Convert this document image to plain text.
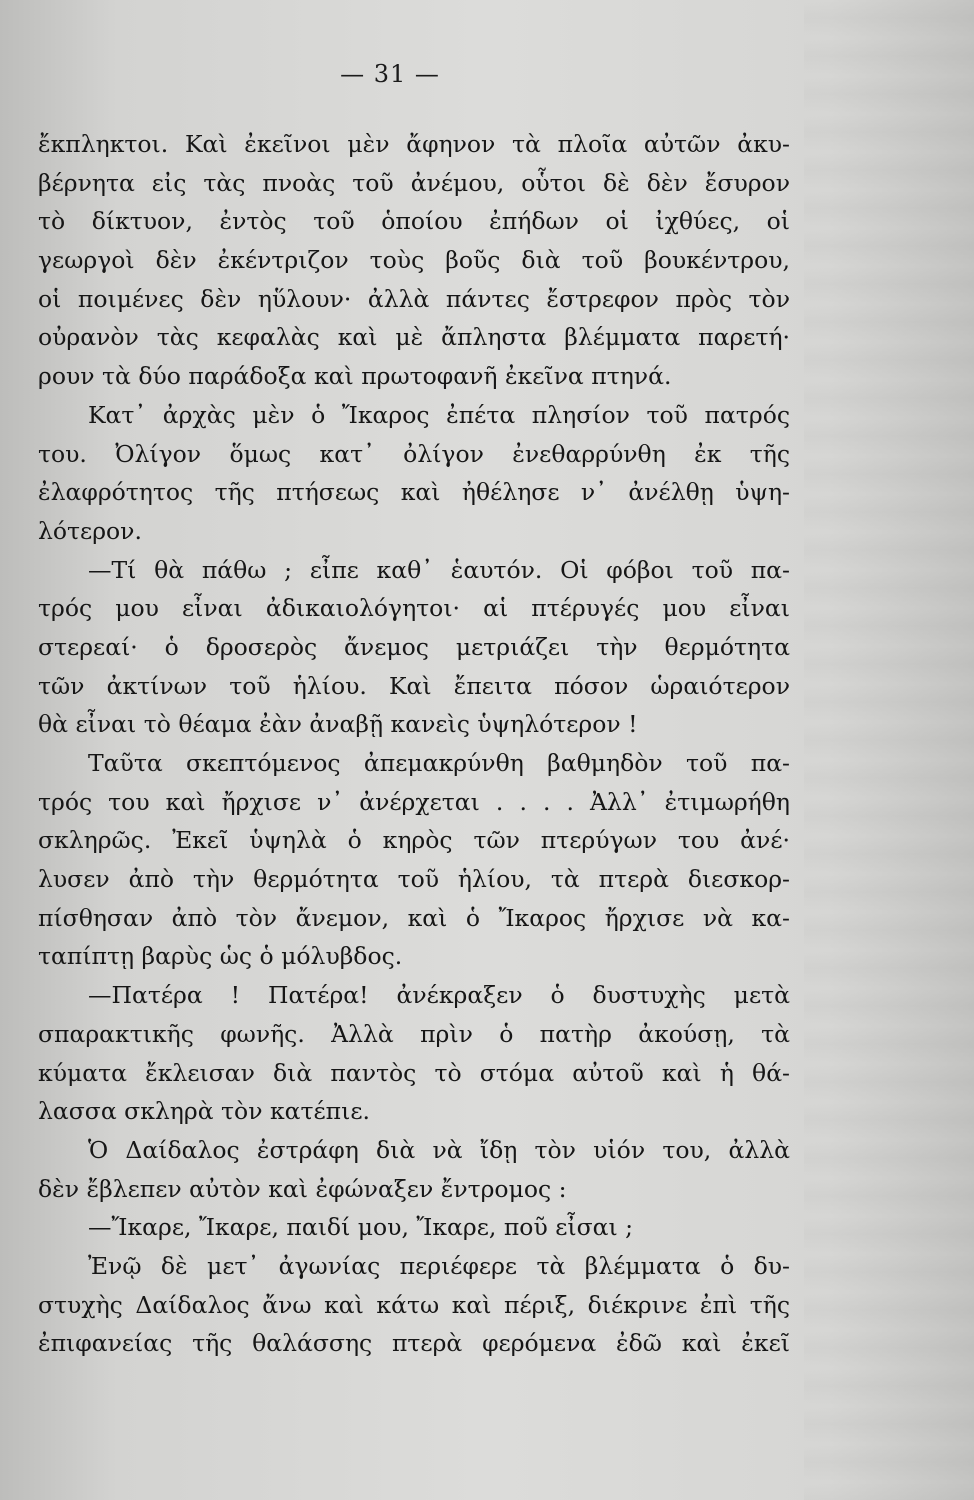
— 31 —
ἔκπληκτοι. Καὶ ἐκεῖνοι μὲν ἄφηνον τὰ πλοῖα αὐτῶν ἀκυ-
βέρνητα εἰς τὰς πνοὰς τοῦ ἀνέμου, οὗτοι δὲ δὲν ἔσυρον
τὸ δίκτυον, ἐντὸς τοῦ ὁποίου ἐπήδων οἱ ἰχθύες, οἱ
γεωργοὶ δὲν ἐκέντριζον τοὺς βοῦς διὰ τοῦ βουκέντρου,
οἱ ποιμένες δὲν ηὕλουν· ἀλλὰ πάντες ἔστρεφον πρὸς τὸν
οὐρανὸν τὰς κεφαλὰς καὶ μὲ ἄπληστα βλέμματα παρετή·
ρουν τὰ δύο παράδοξα καὶ πρωτοφανῆ ἐκεῖνα πτηνά.
Κατ᾿ ἀρχὰς μὲν ὁ Ἴκαρος ἐπέτα πλησίον τοῦ πατρός
του. Ὀλίγον ὅμως κατ᾿ ὀλίγον ἐνεθαρρύνθη ἐκ τῆς
ἐλαφρότητος τῆς πτήσεως καὶ ἠθέλησε ν᾿ ἀνέλθῃ ὑψη-
λότερον.
—Τί θὰ πάθω ; εἶπε καθ᾿ ἑαυτόν. Οἱ φόβοι τοῦ πα-
τρός μου εἶναι ἀδικαιολόγητοι· αἱ πτέρυγές μου εἶναι
στερεαί· ὁ δροσερὸς ἄνεμος μετριάζει τὴν θερμότητα
τῶν ἀκτίνων τοῦ ἡλίου. Καὶ ἔπειτα πόσον ὡραιότερον
θὰ εἶναι τὸ θέαμα ἐὰν ἀναβῇ κανεὶς ὑψηλότερον !
Ταῦτα σκεπτόμενος ἀπεμακρύνθη βαθμηδὸν τοῦ πα-
τρός του καὶ ἤρχισε ν᾿ ἀνέρχεται . . . . Ἀλλ᾿ ἐτιμωρήθη
σκληρῶς. Ἐκεῖ ὑψηλὰ ὁ κηρὸς τῶν πτερύγων του ἀνέ·
λυσεν ἀπὸ τὴν θερμότητα τοῦ ἡλίου, τὰ πτερὰ διεσκορ-
πίσθησαν ἀπὸ τὸν ἄνεμον, καὶ ὁ Ἴκαρος ἤρχισε νὰ κα-
ταπίπτῃ βαρὺς ὡς ὁ μόλυβδος.
—Πατέρα ! Πατέρα! ἀνέκραξεν ὁ δυστυχὴς μετὰ
σπαρακτικῆς φωνῆς. Ἀλλὰ πρὶν ὁ πατὴρ ἀκούσῃ, τὰ
κύματα ἔκλεισαν διὰ παντὸς τὸ στόμα αὐτοῦ καὶ ἡ θά-
λασσα σκληρὰ τὸν κατέπιε.
Ὁ Δαίδαλος ἐστράφη διὰ νὰ ἴδῃ τὸν υἱόν του, ἀλλὰ
δὲν ἔβλεπεν αὐτὸν καὶ ἐφώναξεν ἔντρομος :
—Ἴκαρε, Ἴκαρε, παιδί μου, Ἴκαρε, ποῦ εἶσαι ;
Ἐνῷ δὲ μετ᾿ ἀγωνίας περιέφερε τὰ βλέμματα ὁ δυ-
στυχὴς Δαίδαλος ἄνω καὶ κάτω καὶ πέριξ, διέκρινε ἐπὶ τῆς
ἐπιφανείας τῆς θαλάσσης πτερὰ φερόμενα ἐδῶ καὶ ἐκεῖ
